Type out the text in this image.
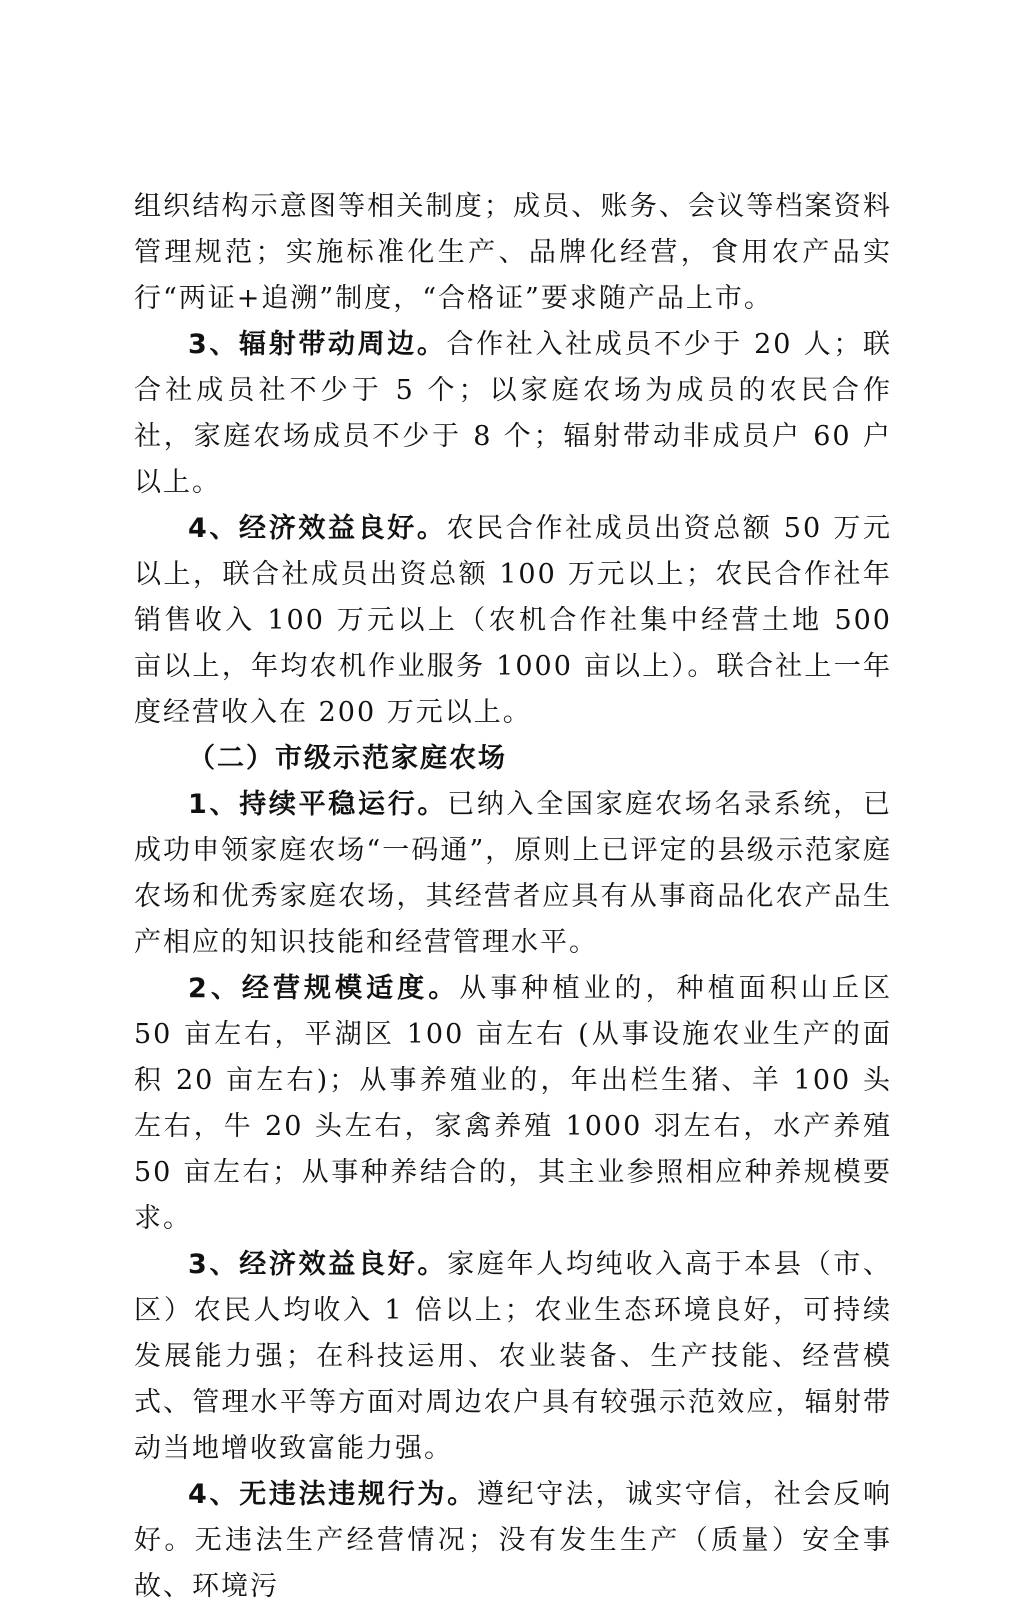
组织结构示意图等相关制度；成员、账务、会议等档案资料管理规范；实施标准化生产、品牌化经营，食用农产品实行“两证+追溯”制度，“合格证”要求随产品上市。

3、辐射带动周边。合作社入社成员不少于 20 人；联合社成员社不少于 5 个；以家庭农场为成员的农民合作社，家庭农场成员不少于 8 个；辐射带动非成员户 60 户以上。

4、经济效益良好。农民合作社成员出资总额 50 万元以上，联合社成员出资总额 100 万元以上；农民合作社年销售收入 100 万元以上（农机合作社集中经营土地 500 亩以上，年均农机作业服务 1000 亩以上）。联合社上一年度经营收入在 200 万元以上。

（二）市级示范家庭农场

1、持续平稳运行。已纳入全国家庭农场名录系统，已成功申领家庭农场“一码通”，原则上已评定的县级示范家庭农场和优秀家庭农场，其经营者应具有从事商品化农产品生产相应的知识技能和经营管理水平。

2、经营规模适度。从事种植业的，种植面积山丘区 50 亩左右，平湖区 100 亩左右 (从事设施农业生产的面积 20 亩左右)；从事养殖业的，年出栏生猪、羊 100 头左右，牛 20 头左右，家禽养殖 1000 羽左右，水产养殖 50 亩左右；从事种养结合的，其主业参照相应种养规模要求。

3、经济效益良好。家庭年人均纯收入高于本县（市、区）农民人均收入 1 倍以上；农业生态环境良好，可持续发展能力强；在科技运用、农业装备、生产技能、经营模式、管理水平等方面对周边农户具有较强示范效应，辐射带动当地增收致富能力强。

4、无违法违规行为。遵纪守法，诚实守信，社会反响好。无违法生产经营情况；没有发生生产（质量）安全事故、环境污
